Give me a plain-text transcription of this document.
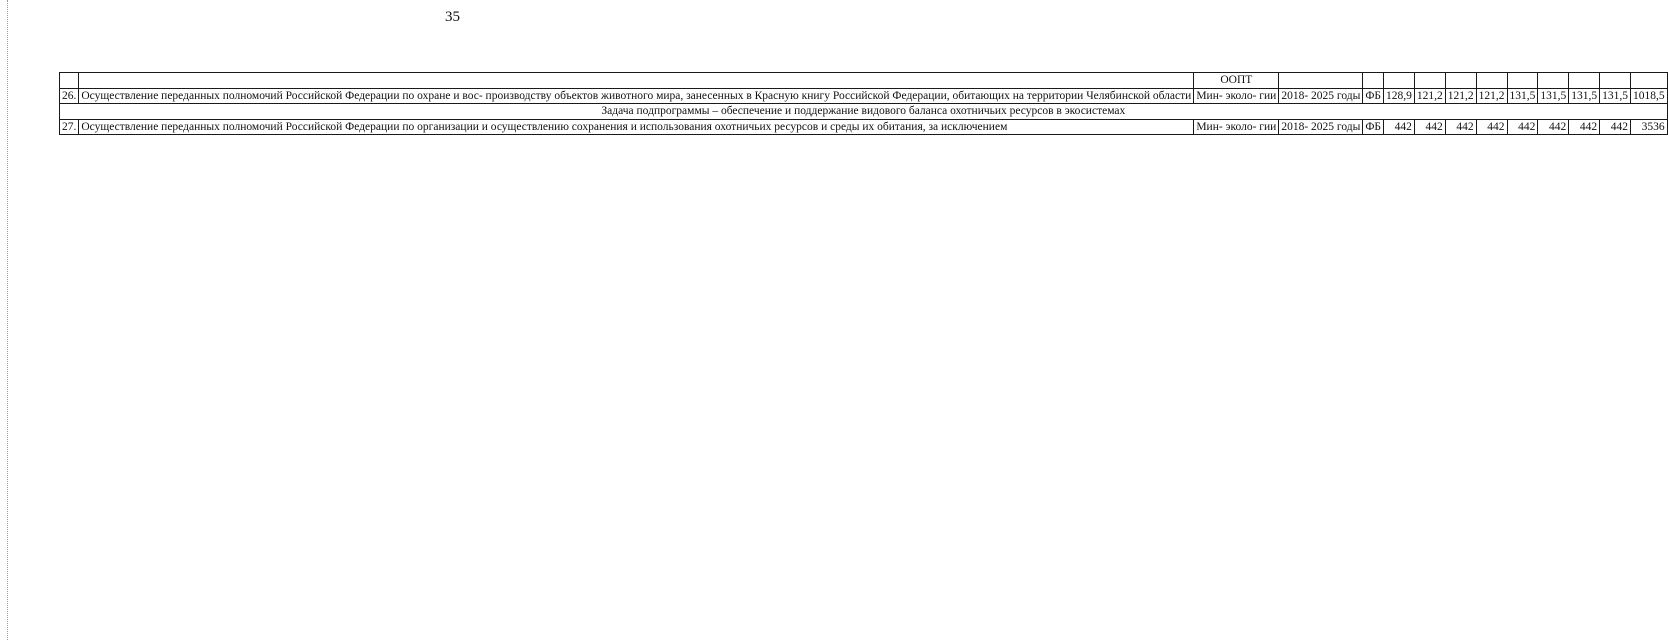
35
		ООПТ											
26.	Осуществлениe переданных полномочий Российской Федерации по охране и вос- производству объектов животного мира, занесенных в Красную книгу Российской Федерации, обитающих на территории Челябинской области	Мин- эколо- гии	2018- 2025 годы	ФБ	128,9	121,2	121,2	121,2	131,5	131,5	131,5	131,5	1018,5
Задача подпрограммы – обеспечение и поддержание видового баланса охотничьих ресурсов в экосистемах													
27.	Осуществление переданных полномочий Российской Федерации по организации и осуществлению сохранения и использования охотничьих ресурсов и среды их обитания, за исключением	Мин- эколо- гии	2018- 2025 годы	ФБ	442	442	442	442	442	442	442	442	3536
